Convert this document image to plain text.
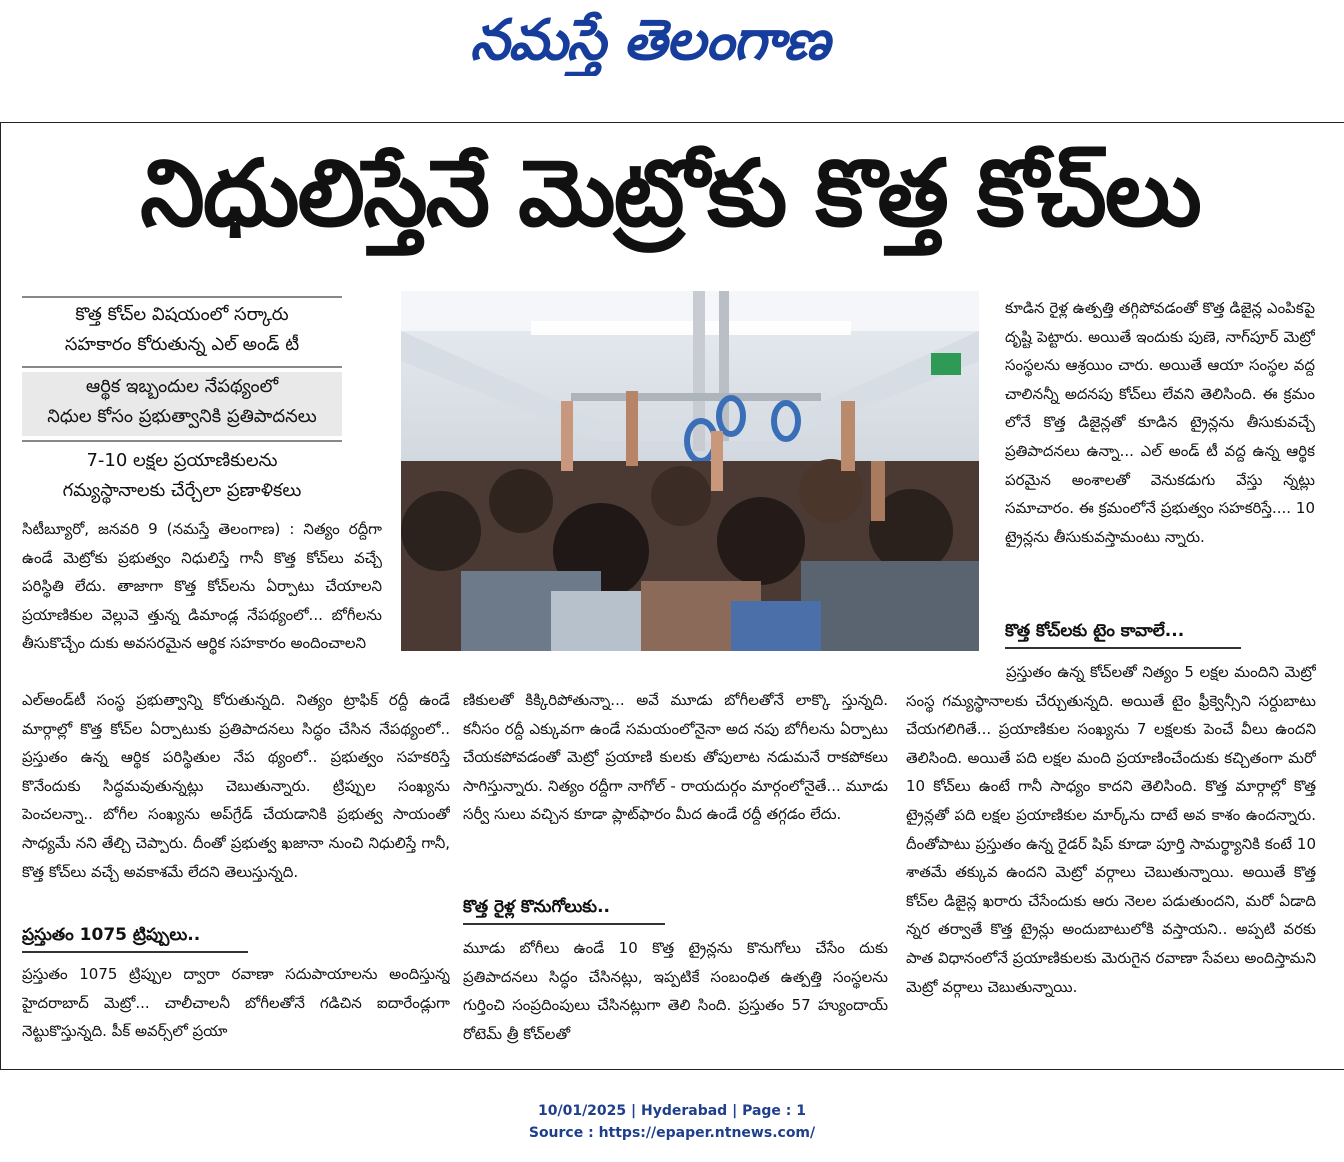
నమస్తే తెలంగాణ
నిధులిస్తేనే మెట్రోకు కొత్త కోచ్‌లు
కొత్త కోచ్‌ల విషయంలో సర్కారు
సహకారం కోరుతున్న ఎల్‌ అండ్‌ టీ
ఆర్థిక ఇబ్బందుల నేపథ్యంలో
నిధుల కోసం ప్రభుత్వానికి ప్రతిపాదనలు
7-10 లక్షల ప్రయాణికులను
గమ్యస్థానాలకు చేర్చేలా ప్రణాళికలు

సిటీబ్యూరో, జనవరి 9 (నమస్తే తెలంగాణ) : నిత్యం రద్దీగా ఉండే మెట్రోకు ప్రభుత్వం నిధులిస్తే గానీ కొత్త కోచ్‌లు వచ్చే పరిస్థితి లేదు. తాజాగా కొత్త కోచ్‌లను ఏర్పాటు చేయాలని ప్రయాణికుల వెల్లువె త్తున్న డిమాండ్ల నేపథ్యంలో... బోగీలను తీసుకొచ్చేం దుకు అవసరమైన ఆర్థిక సహకారం అందించాలని

ఎల్‌అండ్‌టీ సంస్థ ప్రభుత్వాన్ని కోరుతున్నది. నిత్యం ట్రాఫిక్‌ రద్దీ ఉండే మార్గాల్లో కొత్త కోచ్‌ల ఏర్పాటుకు ప్రతిపాదనలు సిద్ధం చేసిన నేపథ్యంలో.. ప్రస్తుతం ఉన్న ఆర్థిక పరిస్థితుల నేప థ్యంలో.. ప్రభుత్వం సహకరిస్తే కొనేందుకు సిద్ధమవుతున్నట్లు చెబుతున్నారు. ట్రిప్పుల సంఖ్యను పెంచలన్నా.. బోగీల సంఖ్యను అప్‌గ్రేడ్‌ చేయడానికి ప్రభుత్వ సాయంతో సాధ్యమే నని తేల్చి చెప్పారు. దీంతో ప్రభుత్వ ఖజానా నుంచి నిధులిస్తే గానీ, కొత్త కోచ్‌లు వచ్చే అవకాశమే లేదని తెలుస్తున్నది.

ప్రస్తుతం 1075 ట్రిప్పులు..

ప్రస్తుతం 1075 ట్రిప్పుల ద్వారా రవాణా సదుపాయాలను అందిస్తున్న హైదరాబాద్‌ మెట్రో... చాలీచాలనీ బోగీలతోనే గడిచిన ఐదారేండ్లుగా నెట్టుకొస్తున్నది. పీక్‌ అవర్స్‌లో ప్రయా

ణికులతో కిక్కిరిపోతున్నా... అవే మూడు బోగీలతోనే లాక్కొ స్తున్నది. కనీసం రద్దీ ఎక్కువగా ఉండే సమయంలోనైనా అద నపు బోగీలను ఏర్పాటు చేయకపోవడంతో మెట్రో ప్రయాణి కులకు తోపులాట నడుమనే రాకపోకలు సాగిస్తున్నారు. నిత్యం రద్దీగా నాగోల్‌ - రాయదుర్గం మార్గంలోనైతే... మూడు సర్వీ సులు వచ్చిన కూడా ప్లాట్‌ఫారం మీద ఉండే రద్దీ తగ్గడం లేదు.

కొత్త రైళ్ల కొనుగోలుకు..

మూడు బోగీలు ఉండే 10 కొత్త ట్రైన్లను కొనుగోలు చేసేం దుకు ప్రతిపాదనలు సిద్ధం చేసినట్లు, ఇప్పటికే సంబంధిత ఉత్పత్తి సంస్థలను గుర్తించి సంప్రదింపులు చేసినట్లుగా తెలి సింది. ప్రస్తుతం 57 హ్యుందాయ్‌ రోటెమ్‌ త్రీ కోచ్‌లతో

కూడిన రైళ్ల ఉత్పత్తి తగ్గిపోవడంతో కొత్త డిజైన్ల ఎంపికపై దృష్టి పెట్టారు. అయితే ఇందుకు పుణె, నాగ్‌పూర్‌ మెట్రో సంస్థలను ఆశ్రయిం చారు. అయితే ఆయా సంస్థల వద్ద చాలినన్నీ అదనపు కోచ్‌లు లేవని తెలిసింది. ఈ క్రమం లోనే కొత్త డిజైన్లతో కూడిన ట్రైన్లను తీసుకువచ్చే ప్రతిపాదనలు ఉన్నా... ఎల్‌ అండ్‌ టీ వద్ద ఉన్న ఆర్థిక పరమైన అంశాలతో వెనుకడుగు వేస్తు న్నట్లు సమాచారం. ఈ క్రమంలోనే ప్రభుత్వం సహకరిస్తే.... 10 ట్రైన్లను తీసుకువస్తామంటు న్నారు.

కొత్త కోచ్‌లకు టైం కావాలే...

ప్రస్తుతం ఉన్న కోచ్‌లతో నిత్యం 5 లక్షల మందిని మెట్రో సంస్థ గమ్యస్థానాలకు చేర్చుతున్నది. అయితే టైం ఫ్రీక్వెన్సీని సర్దుబాటు చేయగలిగితే... ప్రయాణికుల సంఖ్యను 7 లక్షలకు పెంచే వీలు ఉందని తెలిసింది. అయితే పది లక్షల మంది ప్రయాణించేందుకు కచ్చితంగా మరో 10 కోచ్‌లు ఉంటే గానీ సాధ్యం కాదని తెలిసింది. కొత్త మార్గాల్లో కొత్త ట్రైన్లతో పది లక్షల ప్రయాణికుల మార్క్‌ను దాటే అవ కాశం ఉందన్నారు. దీంతోపాటు ప్రస్తుతం ఉన్న రైడర్‌ షిప్‌ కూడా పూర్తి సామర్థ్యానికి కంటే 10 శాతమే తక్కువ ఉందని మెట్రో వర్గాలు చెబుతున్నాయి. అయితే కొత్త కోచ్‌ల డిజైన్ల ఖరారు చేసేందుకు ఆరు నెలల పడుతుందని, మరో ఏడాది న్నర తర్వాతే కొత్త ట్రైన్లు అందుబాటులోకి వస్తాయని.. అప్పటి వరకు పాత విధానంలోనే ప్రయాణికులకు మెరుగైన రవాణా సేవలు అందిస్తామని మెట్రో వర్గాలు చెబుతున్నాయి.

10/01/2025 | Hyderabad | Page : 1
Source : https://epaper.ntnews.com/
